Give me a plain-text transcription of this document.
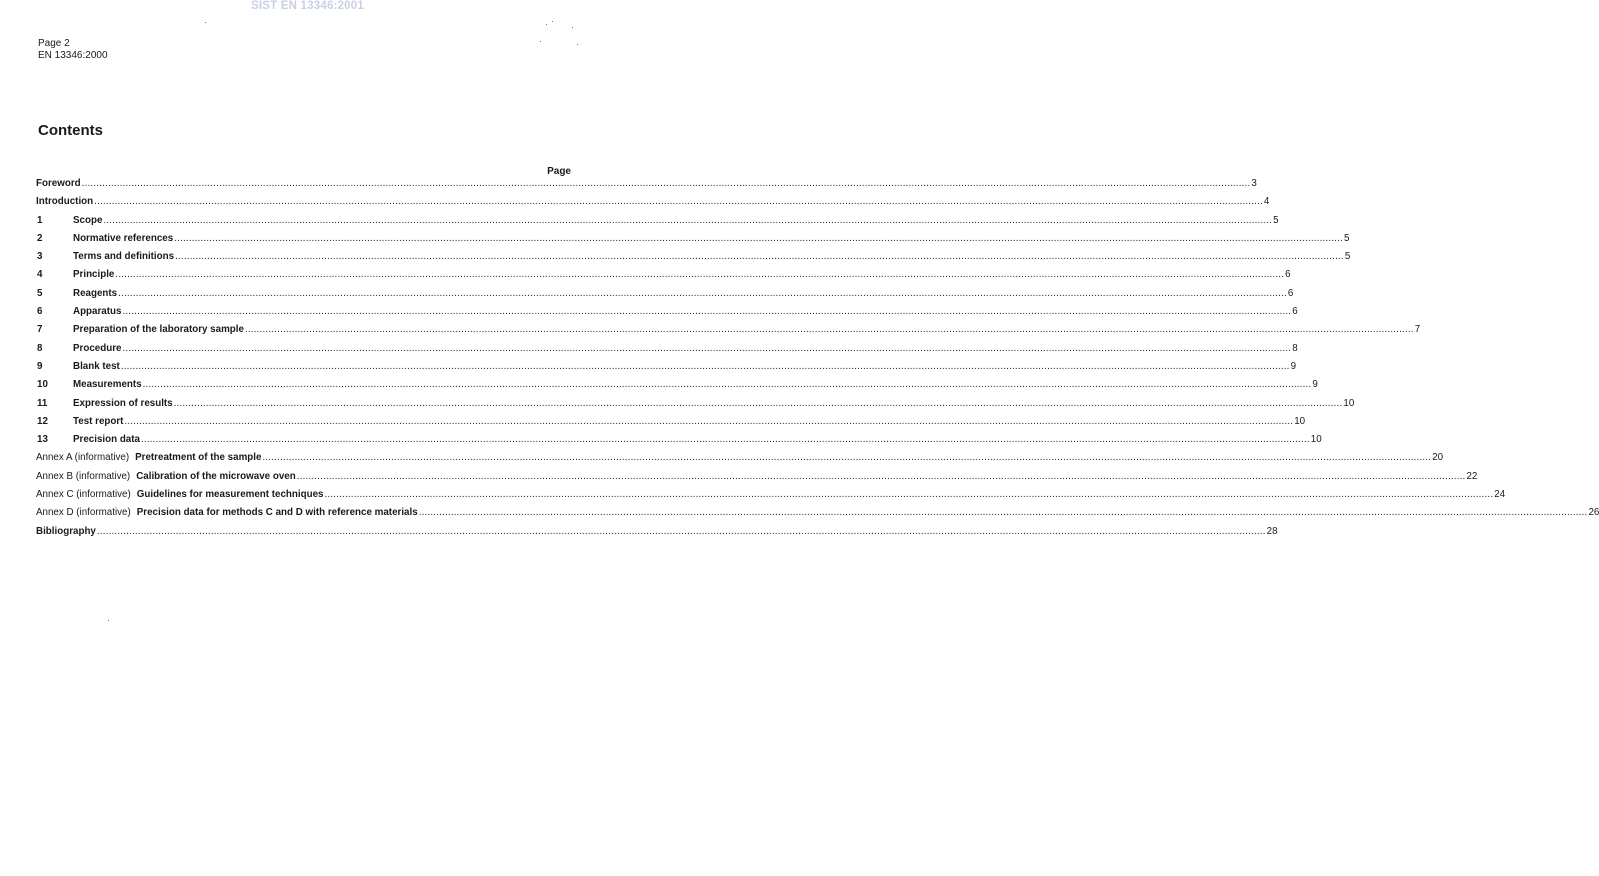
SIST EN 13346:2001
Page 2
EN 13346:2000
Contents
Page
Foreword ................................................................................................................................................................................................................................................................................................................................................................................................................ 3
Introduction ................................................................................................................................................................................................................................................................................................................................................................................................................ 4
1	Scope ................................................................................................................................................................................................................................................................................................................................................................................................................ 5
2	Normative references ................................................................................................................................................................................................................................................................................................................................................................................................................ 5
3	Terms and definitions ................................................................................................................................................................................................................................................................................................................................................................................................................ 5
4	Principle ................................................................................................................................................................................................................................................................................................................................................................................................................ 6
5	Reagents ................................................................................................................................................................................................................................................................................................................................................................................................................ 6
6	Apparatus ................................................................................................................................................................................................................................................................................................................................................................................................................ 6
7	Preparation of the laboratory sample ................................................................................................................................................................................................................................................................................................................................................................................................................ 7
8	Procedure ................................................................................................................................................................................................................................................................................................................................................................................................................ 8
9	Blank test ................................................................................................................................................................................................................................................................................................................................................................................................................ 9
10	Measurements ................................................................................................................................................................................................................................................................................................................................................................................................................ 9
11	Expression of results ................................................................................................................................................................................................................................................................................................................................................................................................................ 10
12	Test report ................................................................................................................................................................................................................................................................................................................................................................................................................ 10
13	Precision data ................................................................................................................................................................................................................................................................................................................................................................................................................ 10
Annex A (informative) Pretreatment of the sample ................................................................................................................................................................................................................................................................................................................................................................................................................ 20
Annex B (informative) Calibration of the microwave oven ................................................................................................................................................................................................................................................................................................................................................................................................................ 22
Annex C (informative) Guidelines for measurement techniques ................................................................................................................................................................................................................................................................................................................................................................................................................ 24
Annex D (informative) Precision data for methods C and D with reference materials ................................................................................................................................................................................................................................................................................................................................................................................................................ 26
Bibliography ................................................................................................................................................................................................................................................................................................................................................................................................................ 28
